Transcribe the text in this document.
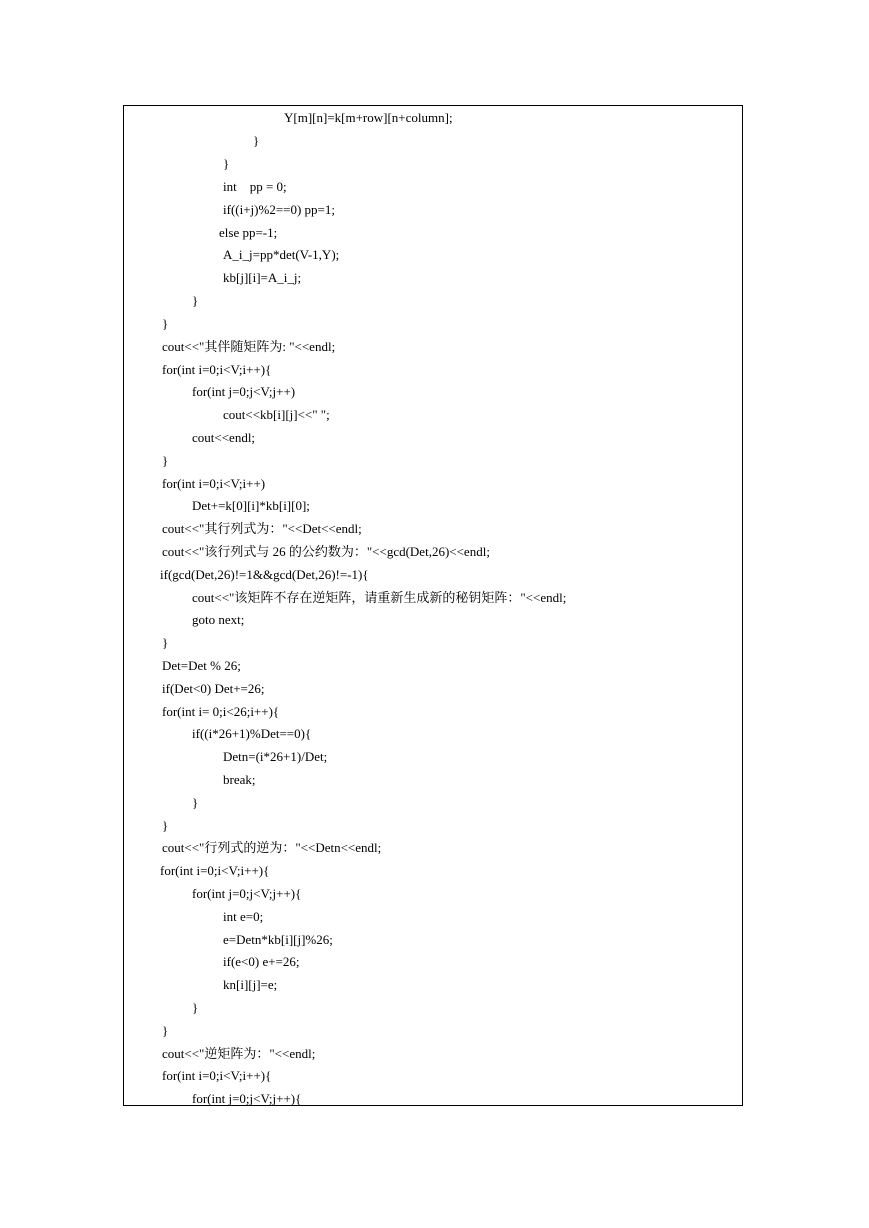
Y[m][n]=k[m+row][n+column];
}
}
int    pp = 0;
if((i+j)%2==0) pp=1;
else pp=-1;
A_i_j=pp*det(V-1,Y);
kb[j][i]=A_i_j;
}
}
cout<<"其伴随矩阵为: "<<endl;
for(int i=0;i<V;i++){
for(int j=0;j<V;j++)
cout<<kb[i][j]<<" ";
cout<<endl;
}
for(int i=0;i<V;i++)
Det+=k[0][i]*kb[i][0];
cout<<"其行列式为："<<Det<<endl;
cout<<"该行列式与 26 的公约数为："<<gcd(Det,26)<<endl;
if(gcd(Det,26)!=1&&gcd(Det,26)!=-1){
cout<<"该矩阵不存在逆矩阵，请重新生成新的秘钥矩阵："<<endl;
goto next;
}
Det=Det % 26;
if(Det<0) Det+=26;
for(int i= 0;i<26;i++){
if((i*26+1)%Det==0){
Detn=(i*26+1)/Det;
break;
}
}
cout<<"行列式的逆为："<<Detn<<endl;
for(int i=0;i<V;i++){
for(int j=0;j<V;j++){
int e=0;
e=Detn*kb[i][j]%26;
if(e<0) e+=26;
kn[i][j]=e;
}
}
cout<<"逆矩阵为："<<endl;
for(int i=0;i<V;i++){
for(int j=0;j<V;j++){
